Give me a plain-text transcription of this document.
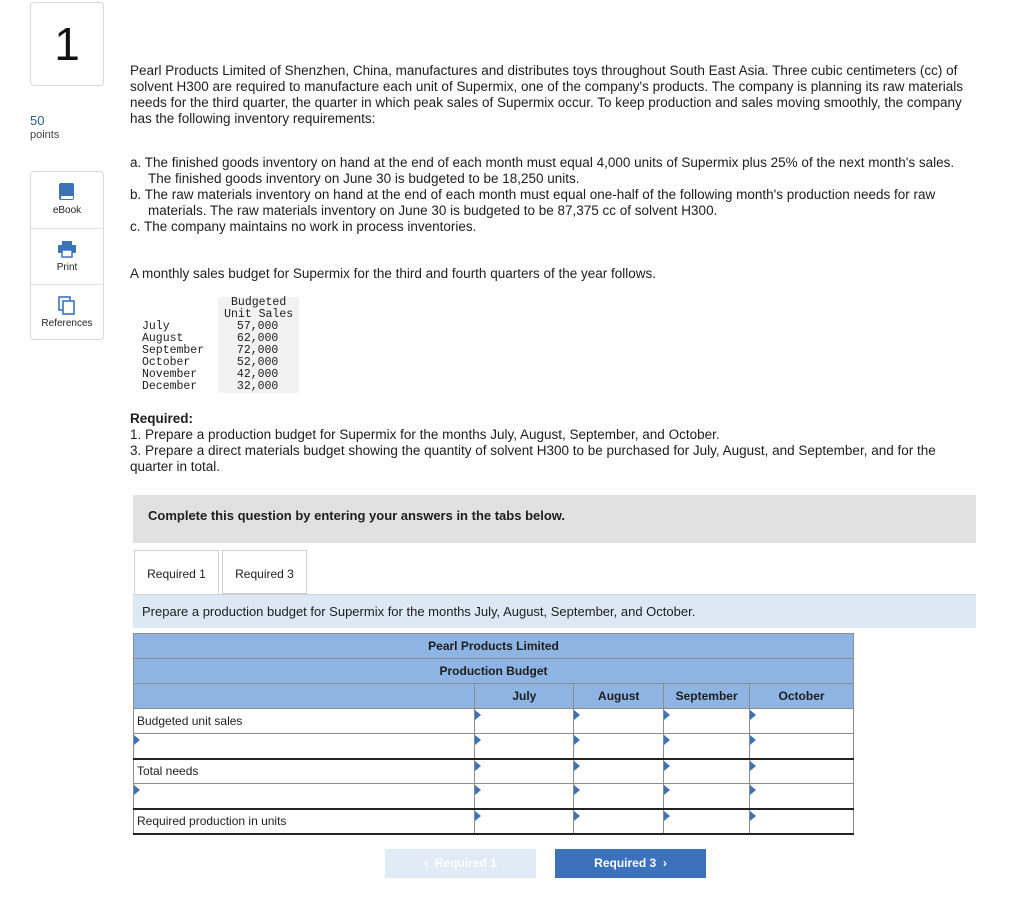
1
50
points
eBook
Print
References
Pearl Products Limited of Shenzhen, China, manufactures and distributes toys throughout South East Asia. Three cubic centimeters (cc) of solvent H300 are required to manufacture each unit of Supermix, one of the company's products. The company is planning its raw materials needs for the third quarter, the quarter in which peak sales of Supermix occur. To keep production and sales moving smoothly, the company has the following inventory requirements:

a. The finished goods inventory on hand at the end of each month must equal 4,000 units of Supermix plus 25% of the next month's sales. The finished goods inventory on June 30 is budgeted to be 18,250 units.

b. The raw materials inventory on hand at the end of each month must equal one-half of the following month's production needs for raw materials. The raw materials inventory on June 30 is budgeted to be 87,375 cc of solvent H300.

c. The company maintains no work in process inventories.

A monthly sales budget for Supermix for the third and fourth quarters of the year follows.
	Budgeted
	Unit Sales
July	57,000
August	62,000
September	72,000
October	52,000
November	42,000
December	32,000
Required:
1. Prepare a production budget for Supermix for the months July, August, September, and October.
3. Prepare a direct materials budget showing the quantity of solvent H300 to be purchased for July, August, and September, and for the quarter in total.
Complete this question by entering your answers in the tabs below.
Required 1	Required 3
Prepare a production budget for Supermix for the months July, August, September, and October.
Pearl Products Limited				
Production Budget				
	July	August	September	October
Budgeted unit sales	

Total needs	

Required production in units	

‹  Required 1	Required 3  ›
